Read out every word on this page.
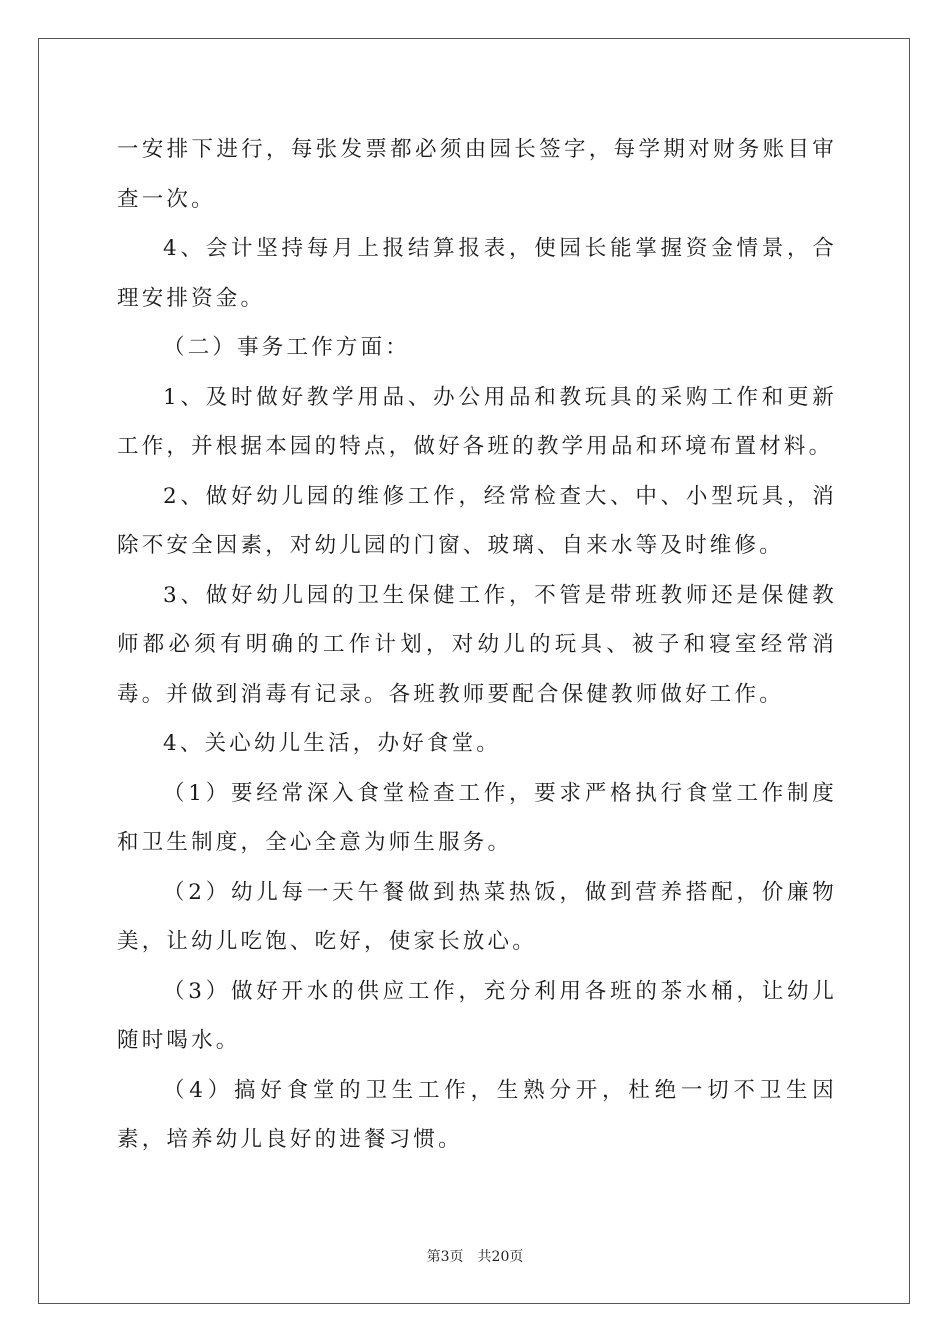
一安排下进行，每张发票都必须由园长签字，每学期对财务账目审查一次。

4、会计坚持每月上报结算报表，使园长能掌握资金情景，合理安排资金。

（二）事务工作方面：

1、及时做好教学用品、办公用品和教玩具的采购工作和更新工作，并根据本园的特点，做好各班的教学用品和环境布置材料。

2、做好幼儿园的维修工作，经常检查大、中、小型玩具，消除不安全因素，对幼儿园的门窗、玻璃、自来水等及时维修。

3、做好幼儿园的卫生保健工作，不管是带班教师还是保健教师都必须有明确的工作计划，对幼儿的玩具、被子和寝室经常消毒。并做到消毒有记录。各班教师要配合保健教师做好工作。

4、关心幼儿生活，办好食堂。

（1）要经常深入食堂检查工作，要求严格执行食堂工作制度和卫生制度，全心全意为师生服务。

（2）幼儿每一天午餐做到热菜热饭，做到营养搭配，价廉物美，让幼儿吃饱、吃好，使家长放心。

（3）做好开水的供应工作，充分利用各班的茶水桶，让幼儿随时喝水。

（4）搞好食堂的卫生工作，生熟分开，杜绝一切不卫生因素，培养幼儿良好的进餐习惯。

第3页 共20页
